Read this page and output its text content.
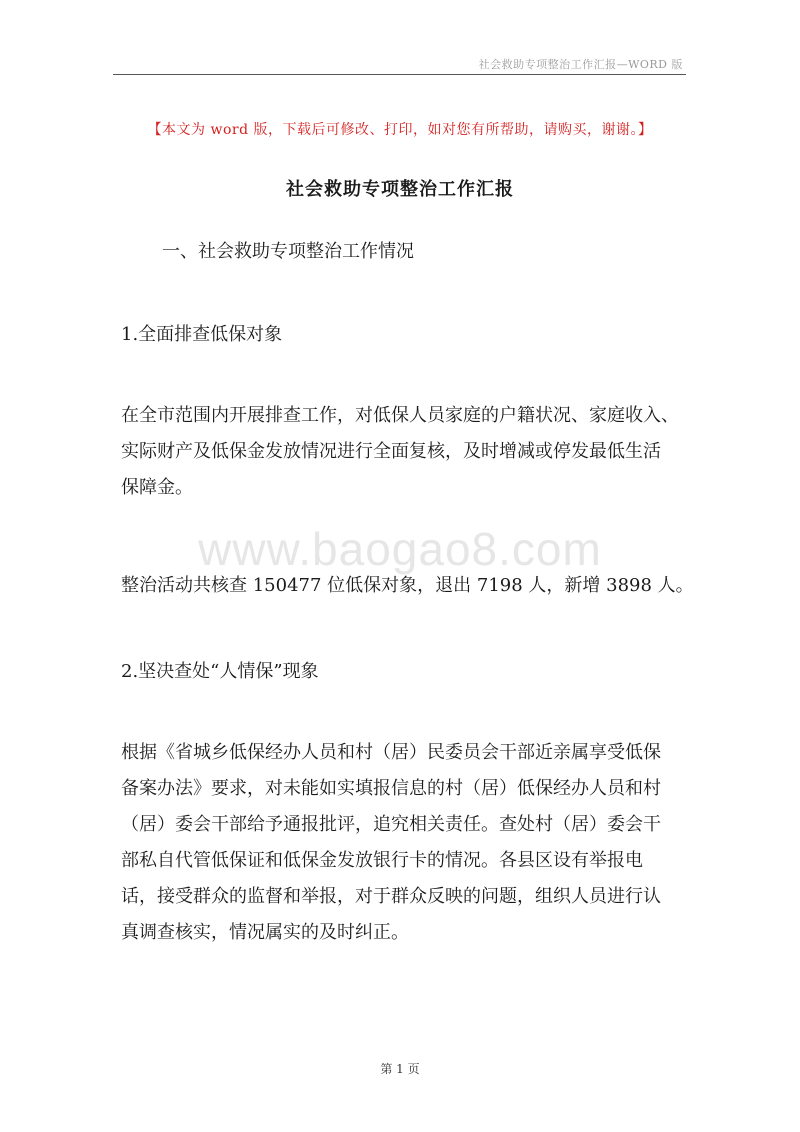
社会救助专项整治工作汇报—WORD 版
【本文为 word 版，下载后可修改、打印，如对您有所帮助，请购买，谢谢。】
社会救助专项整治工作汇报
一、社会救助专项整治工作情况
1.全面排查低保对象
在全市范围内开展排查工作，对低保人员家庭的户籍状况、家庭收入、
实际财产及低保金发放情况进行全面复核，及时增减或停发最低生活
保障金。
www.baogao8.com
整治活动共核查 150477 位低保对象，退出 7198 人，新增 3898 人。
2.坚决查处“人情保”现象
根据《省城乡低保经办人员和村（居）民委员会干部近亲属享受低保
备案办法》要求，对未能如实填报信息的村（居）低保经办人员和村
（居）委会干部给予通报批评，追究相关责任。查处村（居）委会干
部私自代管低保证和低保金发放银行卡的情况。各县区设有举报电
话，接受群众的监督和举报，对于群众反映的问题，组织人员进行认
真调查核实，情况属实的及时纠正。
第 1 页
